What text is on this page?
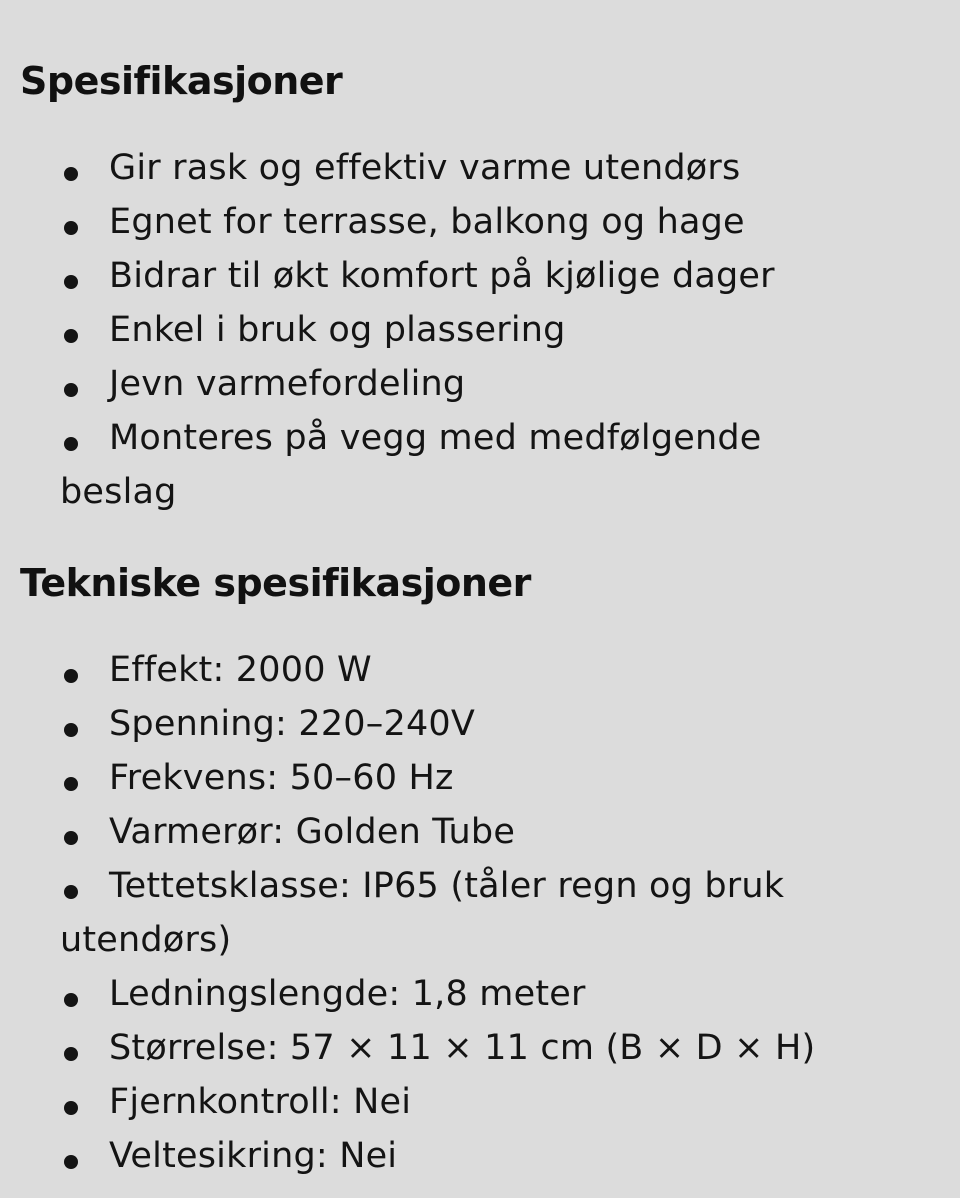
Spesifikasjoner
Gir rask og effektiv varme utendørs
Egnet for terrasse, balkong og hage
Bidrar til økt komfort på kjølige dager
Enkel i bruk og plassering
Jevn varmefordeling
Monteres på vegg med medfølgende beslag
Tekniske spesifikasjoner
Effekt: 2000 W
Spenning: 220–240V
Frekvens: 50–60 Hz
Varmerør: Golden Tube
Tettetsklasse: IP65 (tåler regn og bruk utendørs)
Ledningslengde: 1,8 meter
Størrelse: 57 × 11 × 11 cm (B × D × H)
Fjernkontroll: Nei
Veltesikring: Nei
